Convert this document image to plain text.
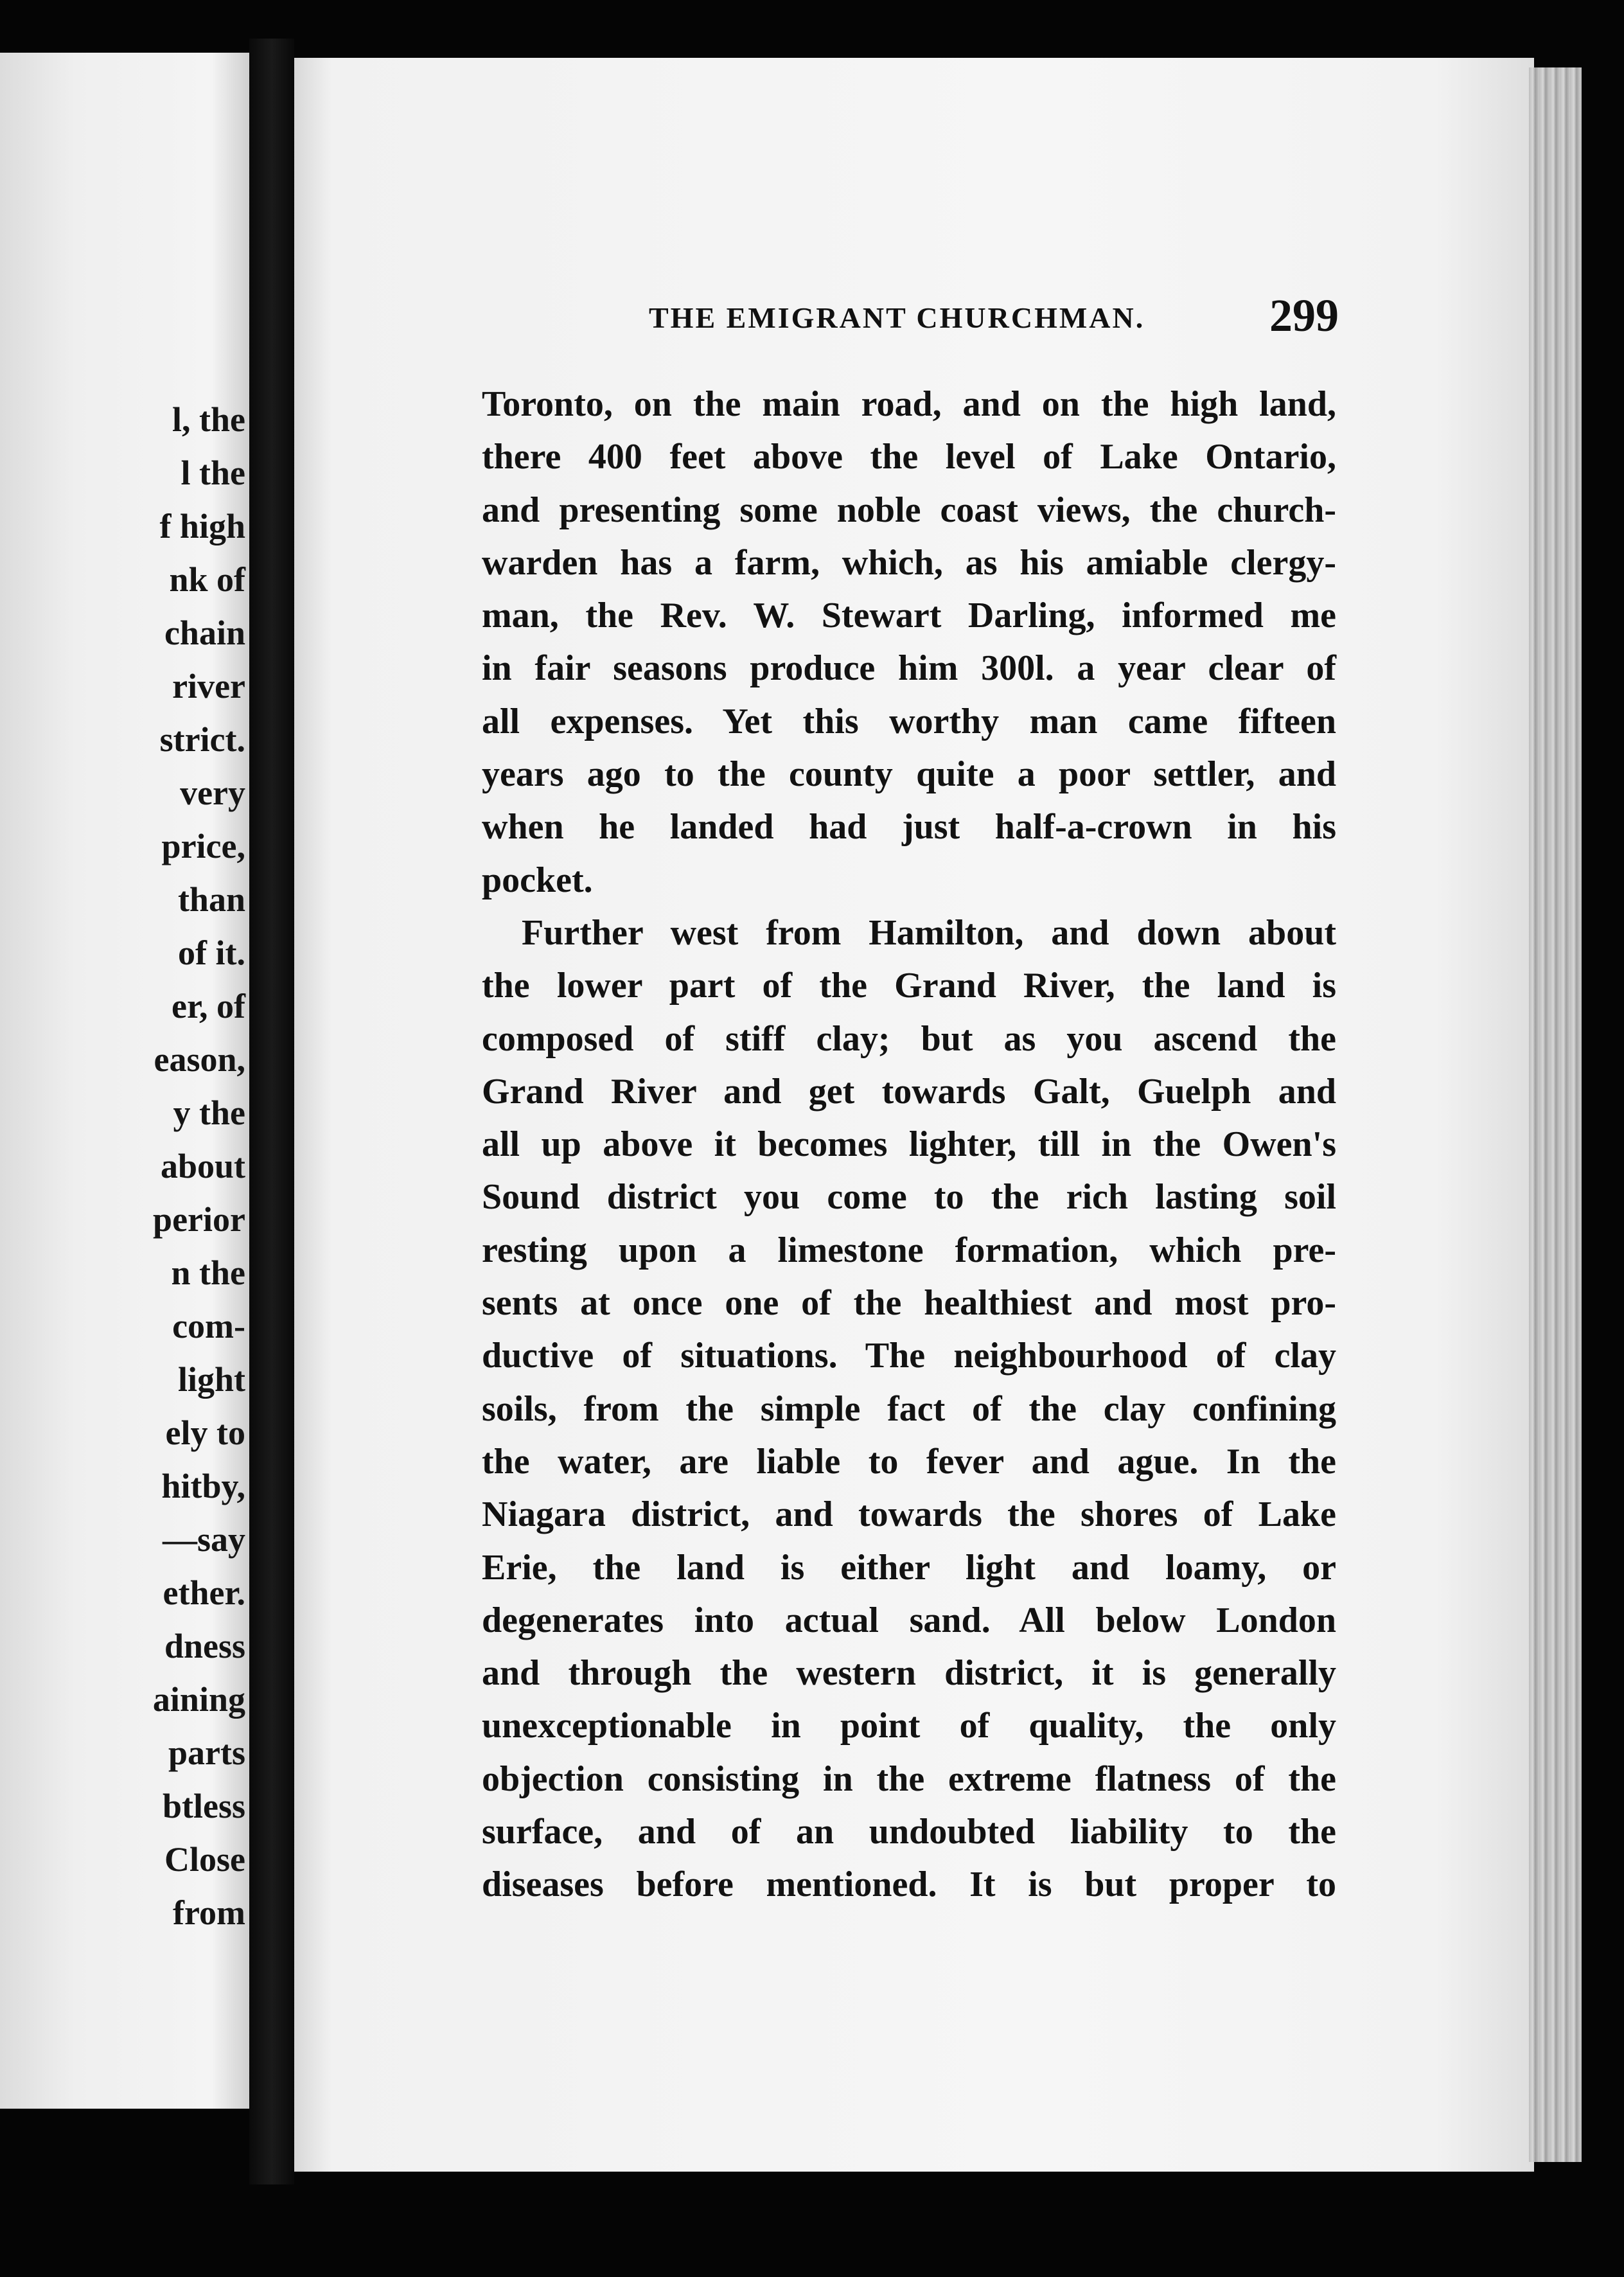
l, the
l the
f high
nk of
chain
river
strict.
very
price,
than
of it.
er, of
eason,
y the
about
perior
n the
com-
light
ely to
hitby,
—say
ether.
dness
aining
parts
btless
Close
from
THE EMIGRANT CHURCHMAN.	299
Toronto, on the main road, and on the high land,
there 400 feet above the level of Lake Ontario,
and presenting some noble coast views, the church-
warden has a farm, which, as his amiable clergy-
man, the Rev. W. Stewart Darling, informed me
in fair seasons produce him 300l. a year clear of
all expenses. Yet this worthy man came fifteen
years ago to the county quite a poor settler, and
when he landed had just half-a-crown in his
pocket.
Further west from Hamilton, and down about
the lower part of the Grand River, the land is
composed of stiff clay; but as you ascend the
Grand River and get towards Galt, Guelph and
all up above it becomes lighter, till in the Owen's
Sound district you come to the rich lasting soil
resting upon a limestone formation, which pre-
sents at once one of the healthiest and most pro-
ductive of situations. The neighbourhood of clay
soils, from the simple fact of the clay confining
the water, are liable to fever and ague. In the
Niagara district, and towards the shores of Lake
Erie, the land is either light and loamy, or
degenerates into actual sand. All below London
and through the western district, it is generally
unexceptionable in point of quality, the only
objection consisting in the extreme flatness of the
surface, and of an undoubted liability to the
diseases before mentioned. It is but proper to
